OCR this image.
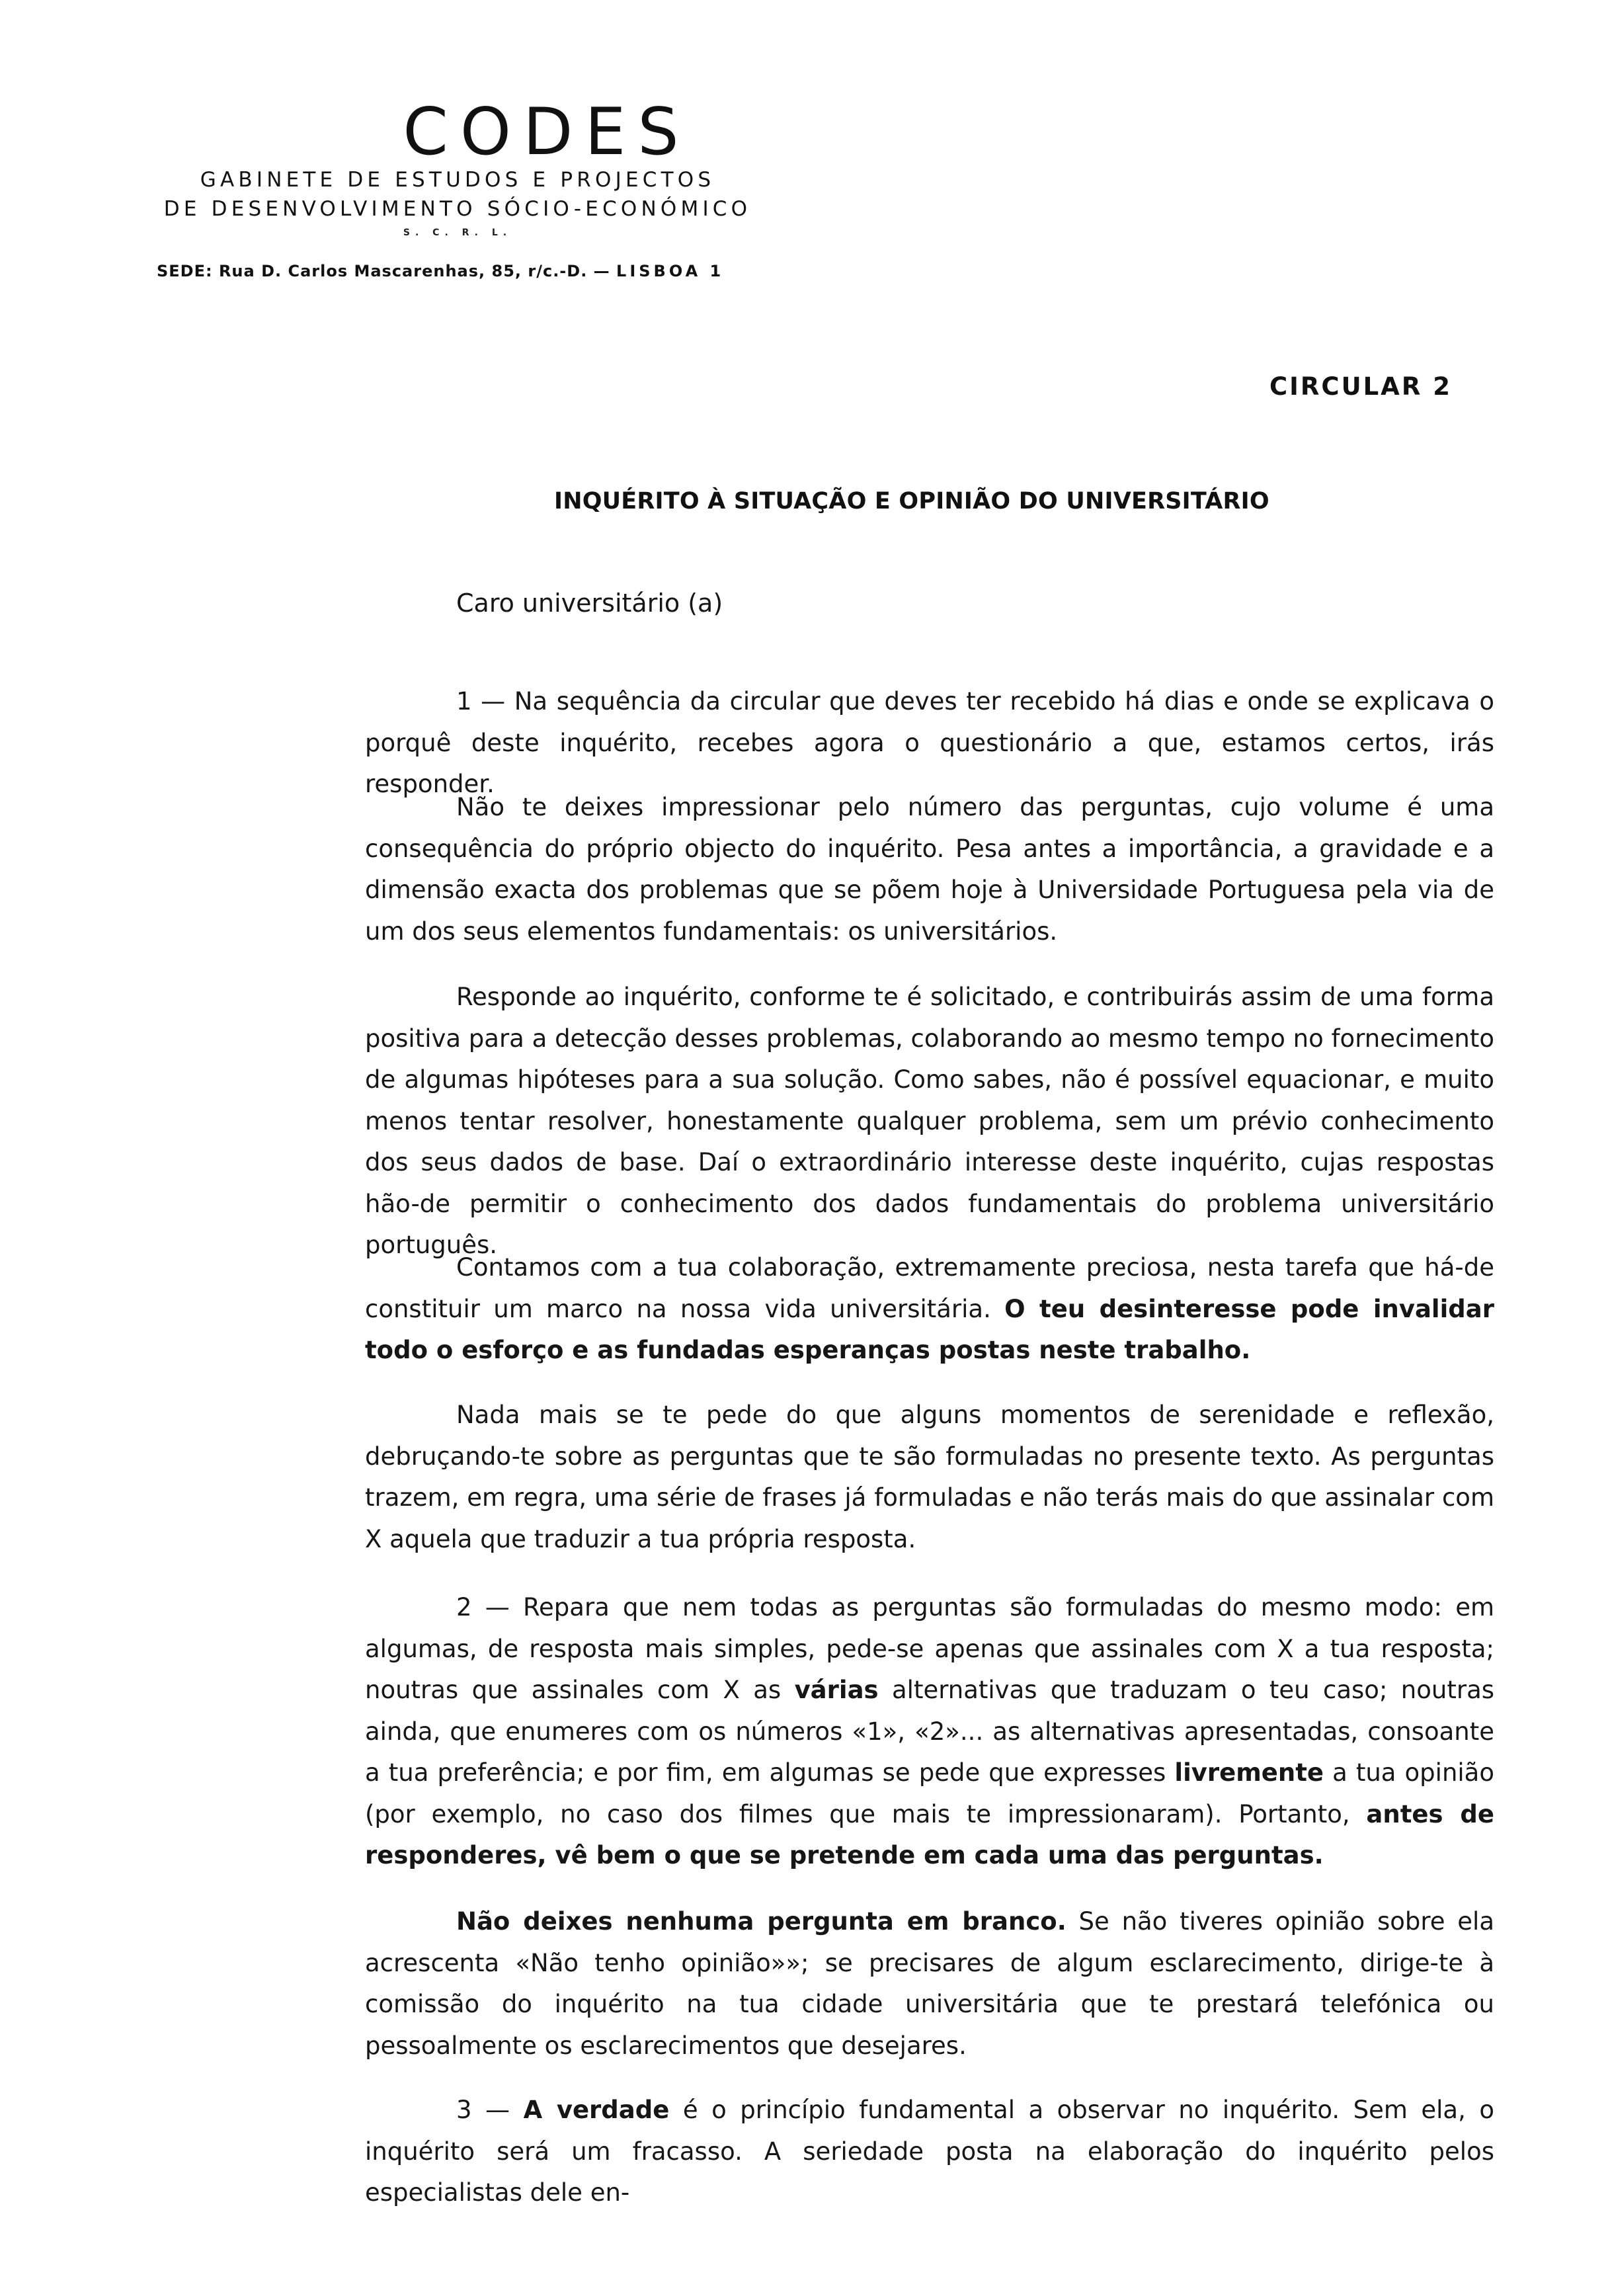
CODES
GABINETE DE ESTUDOS E PROJECTOS
DE DESENVOLVIMENTO SÓCIO-ECONÓMICO
S. C. R. L.
SEDE: Rua D. Carlos Mascarenhas, 85, r/c.-D. — LISBOA 1
CIRCULAR 2
INQUÉRITO À SITUAÇÃO E OPINIÃO DO UNIVERSITÁRIO
Caro universitário (a)

1 — Na sequência da circular que deves ter recebido há dias e onde se explicava o porquê deste inquérito, recebes agora o questionário a que, estamos certos, irás responder.

Não te deixes impressionar pelo número das perguntas, cujo volume é uma consequência do próprio objecto do inquérito. Pesa antes a importância, a gravidade e a dimensão exacta dos problemas que se põem hoje à Universidade Portuguesa pela via de um dos seus elementos fundamentais: os universitários.

Responde ao inquérito, conforme te é solicitado, e contribuirás assim de uma forma positiva para a detecção desses problemas, colaborando ao mesmo tempo no fornecimento de algumas hipóteses para a sua solução. Como sabes, não é possível equacionar, e muito menos tentar resolver, honestamente qualquer problema, sem um prévio conhecimento dos seus dados de base. Daí o extraordinário interesse deste inquérito, cujas respostas hão-de permitir o conhecimento dos dados fundamentais do problema universitário português.

Contamos com a tua colaboração, extremamente preciosa, nesta tarefa que há-de constituir um marco na nossa vida universitária. O teu desinteresse pode invalidar todo o esforço e as fundadas esperanças postas neste trabalho.

Nada mais se te pede do que alguns momentos de serenidade e reflexão, debruçando-te sobre as perguntas que te são formuladas no presente texto. As perguntas trazem, em regra, uma série de frases já formuladas e não terás mais do que assinalar com X aquela que traduzir a tua própria resposta.

2 — Repara que nem todas as perguntas são formuladas do mesmo modo: em algumas, de resposta mais simples, pede-se apenas que assinales com X a tua resposta; noutras que assinales com X as várias alternativas que traduzam o teu caso; noutras ainda, que enumeres com os números «1», «2»... as alternativas apresentadas, consoante a tua preferência; e por fim, em algumas se pede que expresses livremente a tua opinião (por exemplo, no caso dos filmes que mais te impressionaram). Portanto, antes de responderes, vê bem o que se pretende em cada uma das perguntas.

Não deixes nenhuma pergunta em branco. Se não tiveres opinião sobre ela acrescenta «Não tenho opinião»»; se precisares de algum esclarecimento, dirige-te à comissão do inquérito na tua cidade universitária que te prestará telefónica ou pessoalmente os esclarecimentos que desejares.

3 — A verdade é o princípio fundamental a observar no inquérito. Sem ela, o inquérito será um fracasso. A seriedade posta na elaboração do inquérito pelos especialistas dele en-
